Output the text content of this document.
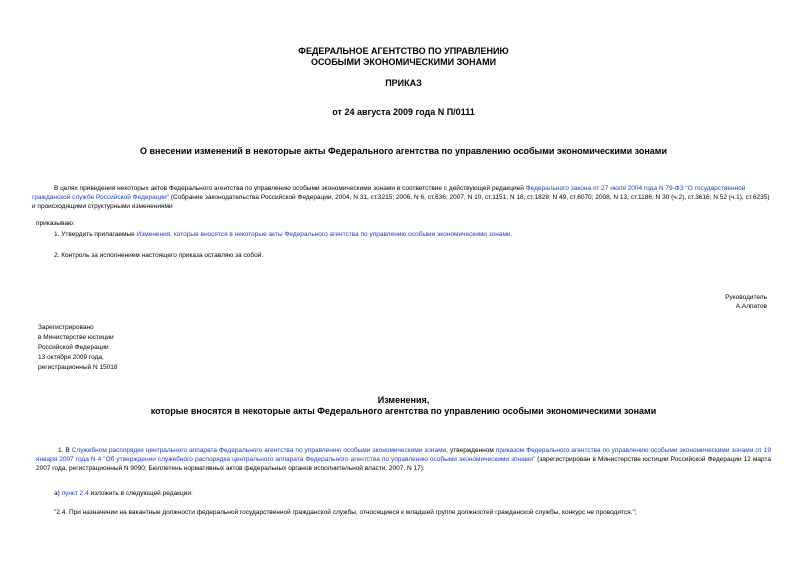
ФЕДЕРАЛЬНОЕ АГЕНТСТВО ПО УПРАВЛЕНИЮ
ОСОБЫМИ ЭКОНОМИЧЕСКИМИ ЗОНАМИ
ПРИКАЗ
от 24 августа 2009 года N П/0111
О внесении изменений в некоторые акты Федерального агентства по управлению особыми экономическими зонами
В целях приведения некоторых актов Федерального агентства по управлению особыми экономическими зонами в соответствие с действующей редакцией Федерального закона от 27 июля 2004 года N 79-ФЗ "О государственной гражданской службе Российской Федерации" (Собрание законодательства Российской Федерации, 2004, N 31, ст.3215; 2006, N 6, ст.636; 2007, N 10, ст.1151; N 16, ст.1828; N 49, ст.6070; 2008, N 13, ст.1186; N 30 (ч.2), ст.3616; N 52 (ч.1), ст.6235) и происходящими структурными изменениями
приказываю:
1. Утвердить прилагаемые Изменения, которые вносятся в некоторые акты Федерального агентства по управлению особыми экономическими зонами.
2. Контроль за исполнением настоящего приказа оставляю за собой.
Руководитель
А.Алпатов
Зарегистрировано
в Министерстве юстиции
Российской Федерации
13 октября 2009 года,
регистрационный N 15018
Изменения,
которые вносятся в некоторые акты Федерального агентства по управлению особыми экономическими зонами
1. В Служебном распорядке центрального аппарата Федерального агентства по управлению особыми экономическими зонами, утвержденном приказом Федерального агентства по управлению особыми экономическими зонами от 19 января 2007 года N 4 "Об утверждении служебного распорядка центрального аппарата Федерального агентства по управлению особыми экономическими зонами" (зарегистрирован в Министерстве юстиции Российской Федерации 12 марта 2007 года, регистрационный N 9090; Бюллетень нормативных актов федеральных органов исполнительной власти, 2007, N 17):
а) пункт 2.4 изложить в следующей редакции:
"2.4. При назначении на вакантные должности федеральной государственной гражданской службы, относящиеся к младшей группе должностей гражданской службы, конкурс не проводится.";
